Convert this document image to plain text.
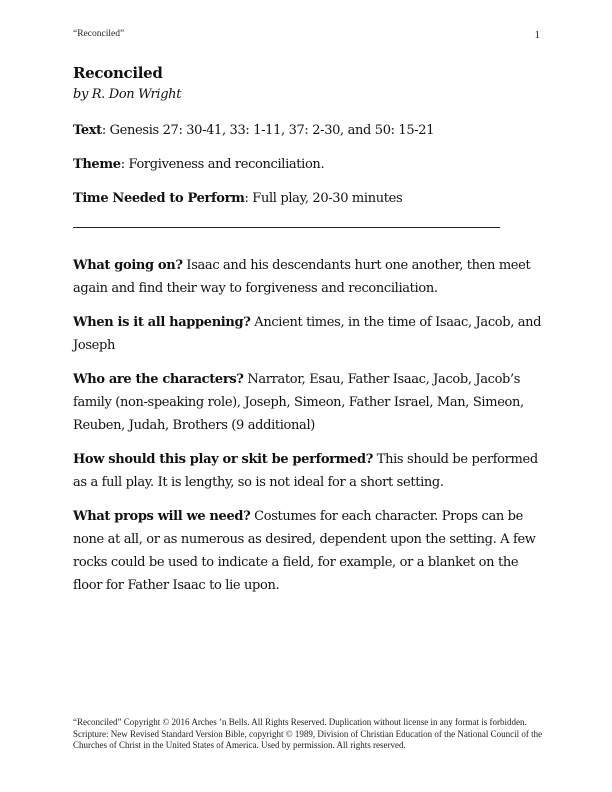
“Reconciled”	1

Reconciled

by R. Don Wright

Text: Genesis 27: 30-41, 33: 1-11, 37: 2-30, and 50: 15-21

Theme: Forgiveness and reconciliation.

Time Needed to Perform: Full play, 20-30 minutes

What going on? Isaac and his descendants hurt one another, then meet again and find their way to forgiveness and reconciliation.

When is it all happening? Ancient times, in the time of Isaac, Jacob, and Joseph

Who are the characters? Narrator, Esau, Father Isaac, Jacob, Jacob’s family (non-speaking role), Joseph, Simeon, Father Israel, Man, Simeon, Reuben, Judah, Brothers (9 additional)

How should this play or skit be performed? This should be performed as a full play. It is lengthy, so is not ideal for a short setting.

What props will we need? Costumes for each character. Props can be none at all, or as numerous as desired, dependent upon the setting. A few rocks could be used to indicate a field, for example, or a blanket on the floor for Father Isaac to lie upon.

“Reconciled” Copyright © 2016 Arches ’n Bells. All Rights Reserved. Duplication without license in any format is forbidden. Scripture: New Revised Standard Version Bible, copyright © 1989, Division of Christian Education of the National Council of the Churches of Christ in the United States of America. Used by permission. All rights reserved.
